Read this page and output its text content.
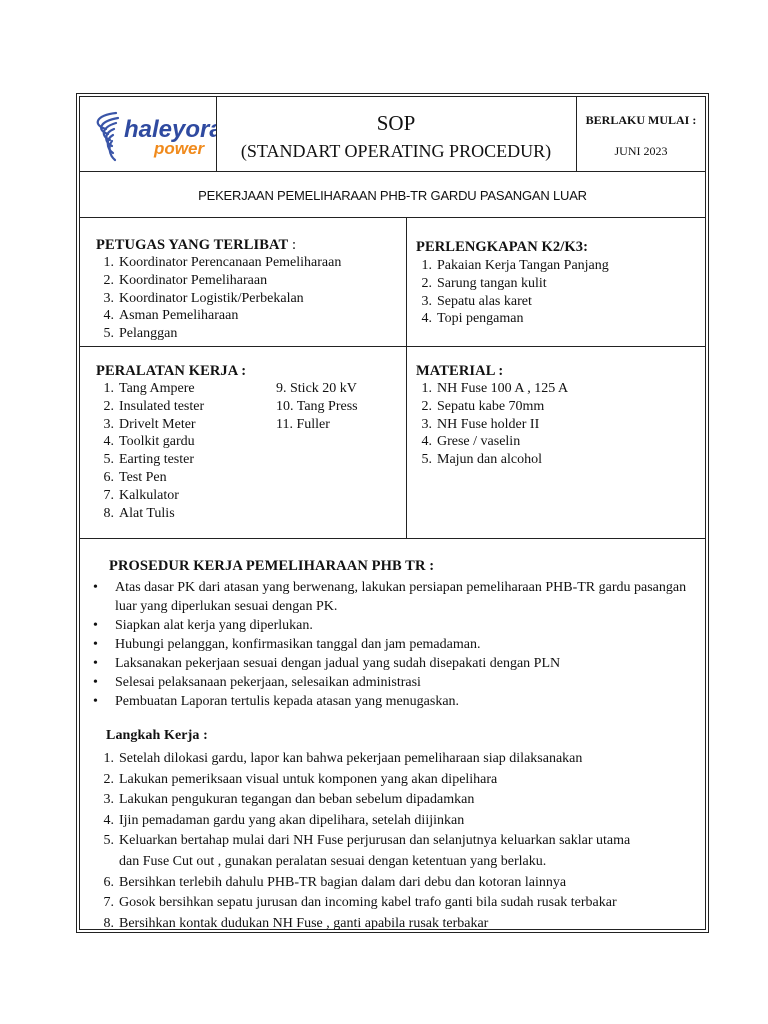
haleyora
power
SOP
(STANDART OPERATING PROCEDUR)
BERLAKU MULAI :
JUNI 2023
PEKERJAAN PEMELIHARAAN PHB-TR GARDU PASANGAN LUAR
PETUGAS YANG TERLIBAT :
1. Koordinator Perencanaan Pemeliharaan
2. Koordinator Pemeliharaan
3. Koordinator Logistik/Perbekalan
4. Asman Pemeliharaan
5. Pelanggan
PERLENGKAPAN K2/K3:
1. Pakaian Kerja Tangan Panjang
2. Sarung tangan kulit
3. Sepatu alas karet
4. Topi pengaman
PERALATAN KERJA :
1. Tang Ampere
2. Insulated tester
3. Drivelt Meter
4. Toolkit gardu
5. Earting tester
6. Test Pen
7. Kalkulator
8. Alat Tulis
9. Stick 20 kV
10. Tang Press
11. Fuller
MATERIAL :
1. NH Fuse 100 A , 125 A
2. Sepatu kabe 70mm
3. NH Fuse holder II
4. Grese / vaselin
5. Majun dan alcohol
PROSEDUR KERJA PEMELIHARAAN PHB TR :
• Atas dasar PK dari atasan yang berwenang, lakukan persiapan pemeliharaan PHB-TR gardu pasangan luar yang diperlukan sesuai dengan PK.
• Siapkan alat kerja yang diperlukan.
• Hubungi pelanggan, konfirmasikan tanggal dan jam pemadaman.
• Laksanakan pekerjaan sesuai dengan jadual yang sudah disepakati dengan PLN
• Selesai pelaksanaan pekerjaan, selesaikan administrasi
• Pembuatan Laporan tertulis kepada atasan yang menugaskan.
Langkah Kerja :
1. Setelah dilokasi gardu, lapor kan bahwa pekerjaan pemeliharaan siap dilaksanakan
2. Lakukan pemeriksaan visual untuk komponen yang akan dipelihara
3. Lakukan pengukuran tegangan dan beban sebelum dipadamkan
4. Ijin pemadaman gardu yang akan dipelihara, setelah diijinkan
5. Keluarkan bertahap mulai dari NH Fuse perjurusan dan selanjutnya keluarkan saklar utama
dan Fuse Cut out , gunakan peralatan sesuai dengan ketentuan yang berlaku.
6. Bersihkan terlebih dahulu PHB-TR bagian dalam dari debu dan kotoran lainnya
7. Gosok bersihkan sepatu jurusan dan incoming kabel trafo ganti bila sudah rusak terbakar
8. Bersihkan kontak dudukan NH Fuse , ganti apabila rusak terbakar
